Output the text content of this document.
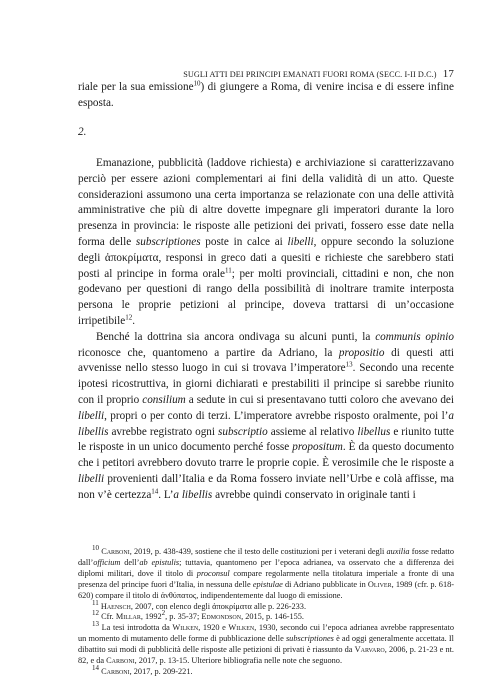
SUGLI ATTI DEI PRINCIPI EMANATI FUORI ROMA (SECC. I-II D.C.) 17

riale per la sua emissione$^{10}$) di giungere a Roma, di venire incisa e di essere infine esposta.

2.

Emanazione, pubblicità (laddove richiesta) e archiviazione si caratterizzavano perciò per essere azioni complementari ai fini della validità di un atto. Queste considerazioni assumono una certa importanza se relazionate con una delle attività amministrative che più di altre dovette impegnare gli imperatori durante la loro presenza in provincia: le risposte alle petizioni dei privati, fossero esse date nella forma delle subscriptiones poste in calce ai libelli, oppure secondo la soluzione degli ἀποκρίματα, responsi in greco dati a quesiti e richieste che sarebbero stati posti al principe in forma orale$^{11}$; per molti provinciali, cittadini e non, che non godevano per questioni di rango della possibilità di inoltrare tramite interposta persona le proprie petizioni al principe, doveva trattarsi di un’occasione irripetibile$^{12}$.

Benché la dottrina sia ancora ondivaga su alcuni punti, la communis opinio riconosce che, quantomeno a partire da Adriano, la propositio di questi atti avvenisse nello stesso luogo in cui si trovava l’imperatore$^{13}$. Secondo una recente ipotesi ricostruttiva, in giorni dichiarati e prestabiliti il principe si sarebbe riunito con il proprio consilium a sedute in cui si presentavano tutti coloro che avevano dei libelli, propri o per conto di terzi. L’imperatore avrebbe risposto oralmente, poi l’a libellis avrebbe registrato ogni subscriptio assieme al relativo libellus e riunito tutte le risposte in un unico documento perché fosse propositum. È da questo documento che i petitori avrebbero dovuto trarre le proprie copie. È verosimile che le risposte a libelli provenienti dall’Italia e da Roma fossero inviate nell’Urbe e colà affisse, ma non v’è certezza$^{14}$. L’a libellis avrebbe quindi conservato in originale tanti i

$^{10}$ Carboni, 2019, p. 438-439, sostiene che il testo delle costituzioni per i veterani degli auxilia fosse redatto dall’officium dell’ab epistulis; tuttavia, quantomeno per l’epoca adrianea, va osservato che a differenza dei diplomi militari, dove il titolo di proconsul compare regolarmente nella titolatura imperiale a fronte di una presenza del principe fuori d’Italia, in nessuna delle epistulae di Adriano pubblicate in Oliver, 1989 (cfr. p. 618-620) compare il titolo di ἀνθύπατος, indipendentemente dal luogo di emissione.

$^{11}$ Haensch, 2007, con elenco degli ἀποκρίματα alle p. 226-233.

$^{12}$ Cfr. Millar, 1992$^2$, p. 35-37; Edmondson, 2015, p. 146-155.

$^{13}$ La tesi introdotta da Wilken, 1920 e Wilken, 1930, secondo cui l’epoca adrianea avrebbe rappresentato un momento di mutamento delle forme di pubblicazione delle subscriptiones è ad oggi generalmente accettata. Il dibattito sui modi di pubblicità delle risposte alle petizioni di privati è riassunto da Varvaro, 2006, p. 21-23 e nt. 82, e da Carboni, 2017, p. 13-15. Ulteriore bibliografia nelle note che seguono.

$^{14}$ Carboni, 2017, p. 209-221.
